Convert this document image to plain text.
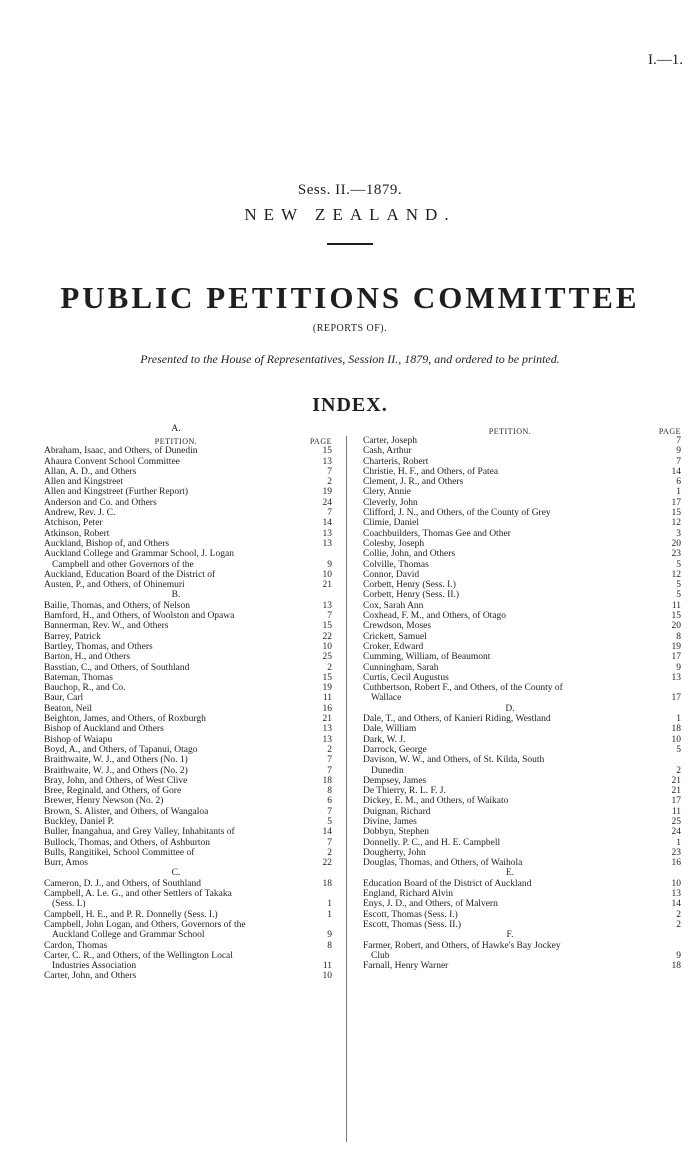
I.—1.
Sess. II.—1879.
NEW ZEALAND.
PUBLIC PETITIONS COMMITTEE
(REPORTS OF).
Presented to the House of Representatives, Session II., 1879, and ordered to be printed.
INDEX.
A.
PETITION.	PAGE
Abraham, Isaac, and Others, of Dunedin	15
Ahaura Convent School Committee	13
Allan, A. D., and Others	7
Allen and Kingstreet	2
Allen and Kingstreet (Further Report)	19
Anderson and Co. and Others	24
Andrew, Rev. J. C.	7
Atchison, Peter	14
Atkinson, Robert	13
Auckland, Bishop of, and Others	13
Auckland College and Grammar School, J. Logan
Campbell and other Governors of the	9
Auckland, Education Board of the District of	10
Austen, P., and Others, of Ohinemuri	21
B.
Bailie, Thomas, and Others, of Nelson	13
Bamford, H., and Others, of Woolston and Opawa	7
Bannerman, Rev. W., and Others	15
Barrey, Patrick	22
Bartley, Thomas, and Others	10
Barton, H., and Others	25
Basstian, C., and Others, of Southland	2
Bateman, Thomas	15
Bauchop, R., and Co.	19
Baur, Carl	11
Beaton, Neil	16
Beighton, James, and Others, of Roxburgh	21
Bishop of Auckland and Others	13
Bishop of Waiapu	13
Boyd, A., and Others, of Tapanui, Otago	2
Braithwaite, W. J., and Others (No. 1)	7
Braithwaite, W. J., and Others (No. 2)	7
Bray, John, and Others, of West Clive	18
Bree, Reginald, and Others, of Gore	8
Brewer, Henry Newson (No. 2)	6
Brown, S. Alister, and Others, of Wangaloa	7
Buckley, Daniel P.	5
Buller, Inangahua, and Grey Valley, Inhabitants of	14
Bullock, Thomas, and Others, of Ashburton	7
Bulls, Rangitikei, School Committee of	2
Burr, Amos	22
C.
Cameron, D. J., and Others, of Southland	18
Campbell, A. Le. G., and other Settlers of Takaka
(Sess. I.)	1
Campbell, H. E., and P. R. Donnelly (Sess. I.)	1
Campbell, John Logan, and Others, Governors of the
Auckland College and Grammar School	9
Cardon, Thomas	8
Carter, C. R., and Others, of the Wellington Local
Industries Association	11
Carter, John, and Others	10
PETITION.	PAGE
Carter, Joseph	7
Cash, Arthur	9
Charteris, Robert	7
Christie, H. F., and Others, of Patea	14
Clement, J. R., and Others	6
Clery, Annie	1
Cleverly, John	17
Clifford, J. N., and Others, of the County of Grey	15
Climie, Daniel	12
Coachbuilders, Thomas Gee and Other	3
Colesby, Joseph	20
Collie, John, and Others	23
Colville, Thomas	5
Connor, David	12
Corbett, Henry (Sess. I.)	5
Corbett, Henry (Sess. II.)	5
Cox, Sarah Ann	11
Coxhead, F. M., and Others, of Otago	15
Crewdson, Moses	20
Crickett, Samuel	8
Croker, Edward	19
Cumming, William, of Beaumont	17
Cunningham, Sarah	9
Curtis, Cecil Augustus	13
Cuthbertson, Robert F., and Others, of the County of
Wallace	17
D.
Dale, T., and Others, of Kanieri Riding, Westland	1
Dale, William	18
Dark, W. J.	10
Darrock, George	5
Davison, W. W., and Others, of St. Kilda, South
Dunedin	2
Dempsey, James	21
De Thierry, R. L. F. J.	21
Dickey, E. M., and Others, of Waikato	17
Duignan, Richard	11
Divine, James	25
Dobbyn, Stephen	24
Donnelly. P. C., and H. E. Campbell	1
Dougherty, John	23
Douglas, Thomas, and Others, of Waihola	16
E.
Education Board of the District of Auckland	10
England, Richard Alvin	13
Enys, J. D., and Others, of Malvern	14
Escott, Thomas (Sess. I.)	2
Escott, Thomas (Sess. II.)	2
F.
Farmer, Robert, and Others, of Hawke's Bay Jockey
Club	9
Farnall, Henry Warner	18
